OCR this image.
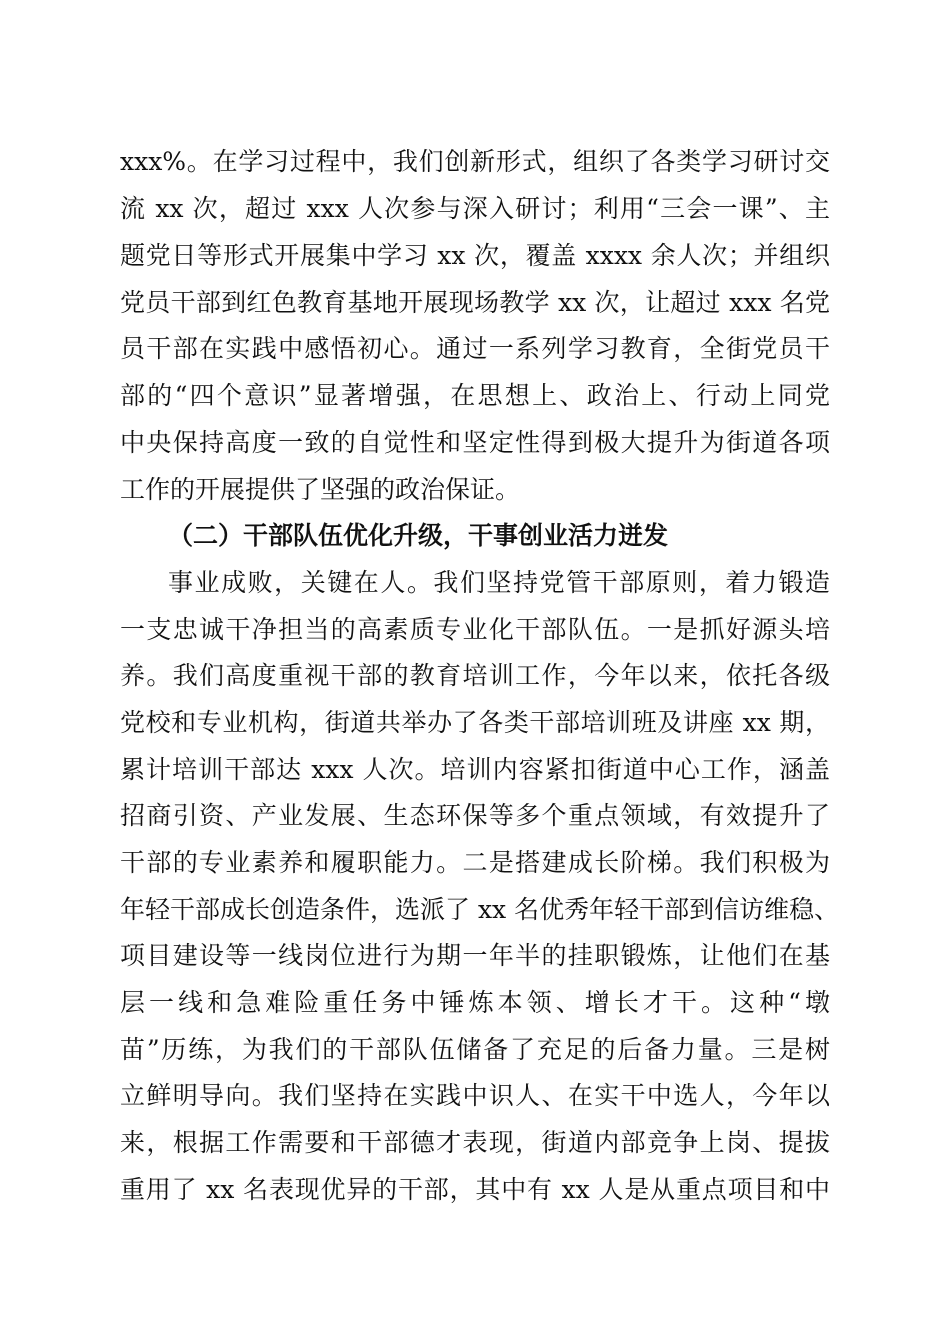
xxx%。在学习过程中，我们创新形式，组织了各类学习研讨交
流 xx 次，超过 xxx 人次参与深入研讨；利用“三会一课”、主
题党日等形式开展集中学习 xx 次，覆盖 xxxx 余人次；并组织
党员干部到红色教育基地开展现场教学 xx 次，让超过 xxx 名党
员干部在实践中感悟初心。通过一系列学习教育，全街党员干
部的“四个意识”显著增强，在思想上、政治上、行动上同党
中央保持高度一致的自觉性和坚定性得到极大提升为街道各项
工作的开展提供了坚强的政治保证。
（二）干部队伍优化升级，干事创业活力迸发
事业成败，关键在人。我们坚持党管干部原则，着力锻造
一支忠诚干净担当的高素质专业化干部队伍。一是抓好源头培
养。我们高度重视干部的教育培训工作，今年以来，依托各级
党校和专业机构，街道共举办了各类干部培训班及讲座 xx 期，
累计培训干部达 xxx 人次。培训内容紧扣街道中心工作，涵盖
招商引资、产业发展、生态环保等多个重点领域，有效提升了
干部的专业素养和履职能力。二是搭建成长阶梯。我们积极为
年轻干部成长创造条件，选派了 xx 名优秀年轻干部到信访维稳、
项目建设等一线岗位进行为期一年半的挂职锻炼，让他们在基
层一线和急难险重任务中锤炼本领、增长才干。这种“墩
苗”历练，为我们的干部队伍储备了充足的后备力量。三是树
立鲜明导向。我们坚持在实践中识人、在实干中选人，今年以
来，根据工作需要和干部德才表现，街道内部竞争上岗、提拔
重用了 xx 名表现优异的干部，其中有 xx 人是从重点项目和中
